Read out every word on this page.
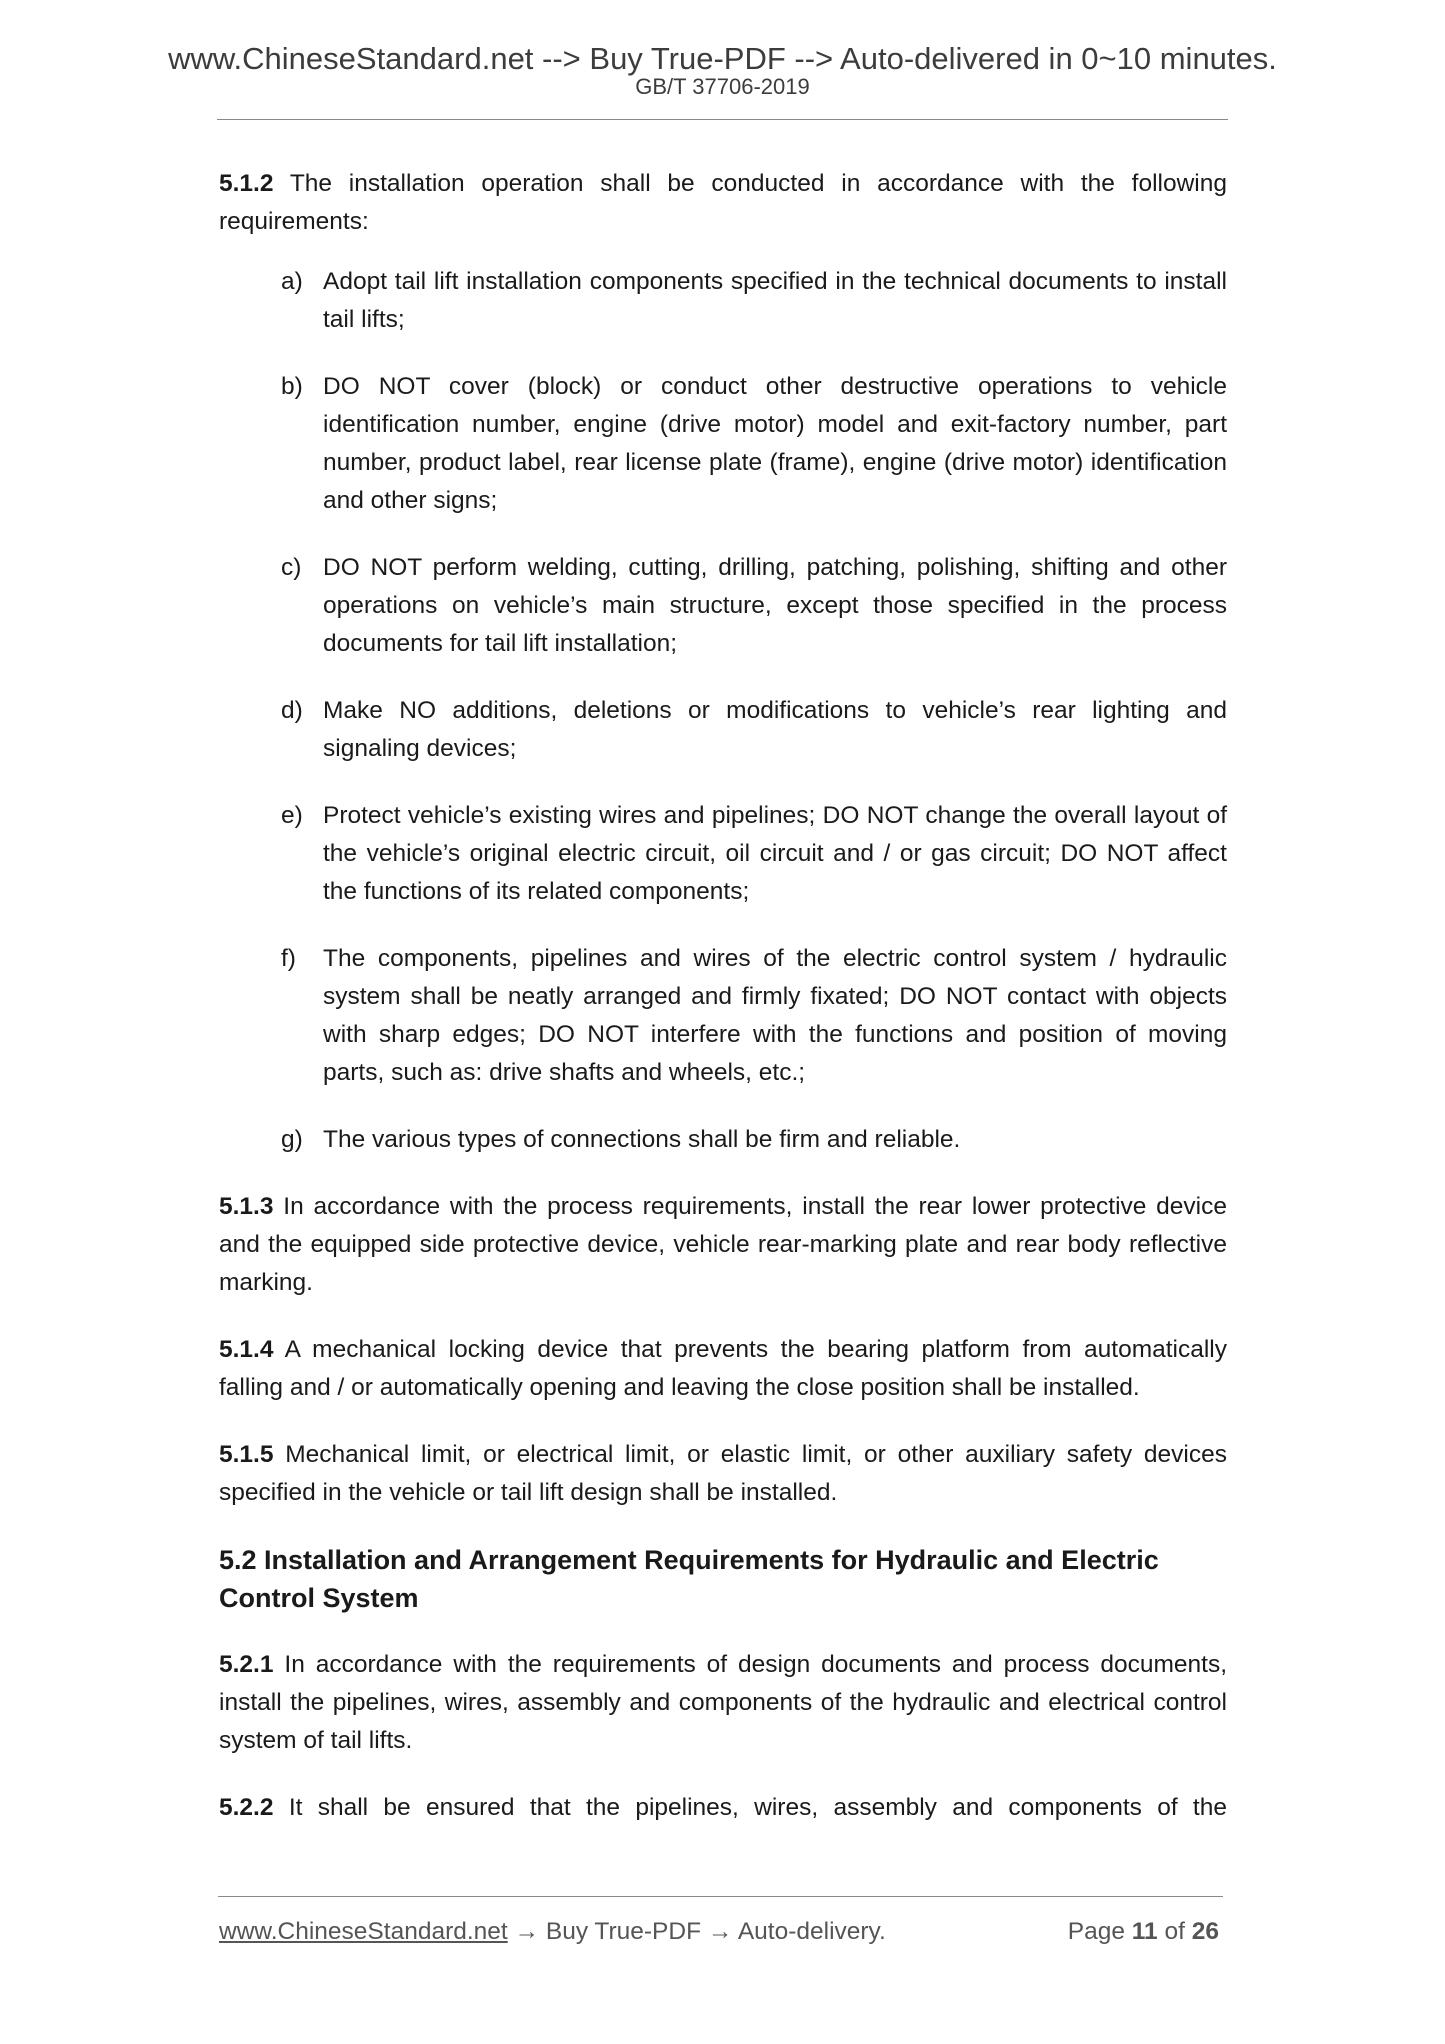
www.ChineseStandard.net --> Buy True-PDF --> Auto-delivered in 0~10 minutes.
GB/T 37706-2019

5.1.2 The installation operation shall be conducted in accordance with the following requirements:

a) Adopt tail lift installation components specified in the technical documents to install tail lifts;
b) DO NOT cover (block) or conduct other destructive operations to vehicle identification number, engine (drive motor) model and exit-factory number, part number, product label, rear license plate (frame), engine (drive motor) identification and other signs;
c) DO NOT perform welding, cutting, drilling, patching, polishing, shifting and other operations on vehicle’s main structure, except those specified in the process documents for tail lift installation;
d) Make NO additions, deletions or modifications to vehicle’s rear lighting and signaling devices;
e) Protect vehicle’s existing wires and pipelines; DO NOT change the overall layout of the vehicle’s original electric circuit, oil circuit and / or gas circuit; DO NOT affect the functions of its related components;
f)	The components, pipelines and wires of the electric control system / hydraulic system shall be neatly arranged and firmly fixated; DO NOT contact with objects with sharp edges; DO NOT interfere with the functions and position of moving parts, such as: drive shafts and wheels, etc.;
g) The various types of connections shall be firm and reliable.

5.1.3 In accordance with the process requirements, install the rear lower protective device and the equipped side protective device, vehicle rear-marking plate and rear body reflective marking.

5.1.4 A mechanical locking device that prevents the bearing platform from automatically falling and / or automatically opening and leaving the close position shall be installed.

5.1.5 Mechanical limit, or electrical limit, or elastic limit, or other auxiliary safety devices specified in the vehicle or tail lift design shall be installed.

5.2 Installation and Arrangement Requirements for Hydraulic and Electric Control System

5.2.1 In accordance with the requirements of design documents and process documents, install the pipelines, wires, assembly and components of the hydraulic and electrical control system of tail lifts.

5.2.2 It shall be ensured that the pipelines, wires, assembly and components of the

www.ChineseStandard.net → Buy True-PDF → Auto-delivery.	Page 11 of 26
